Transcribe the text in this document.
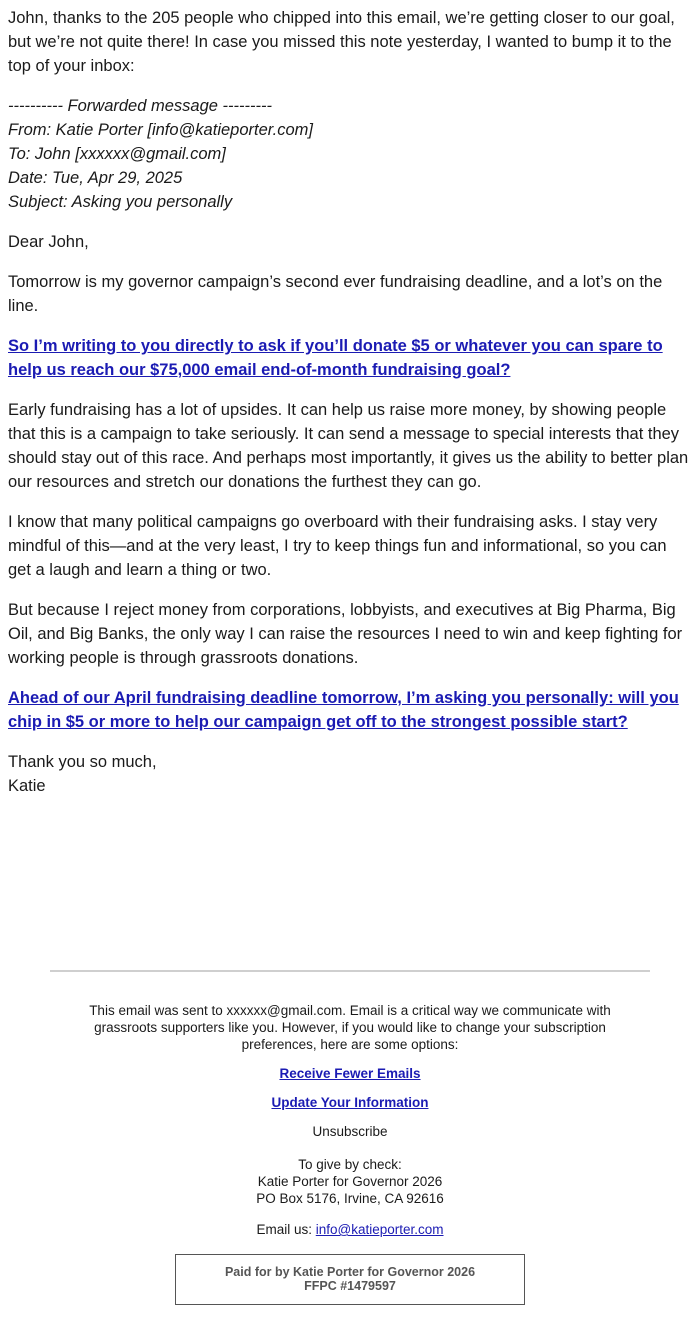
John, thanks to the 205 people who chipped into this email, we’re getting closer to our goal, but we’re not quite there! In case you missed this note yesterday, I wanted to bump it to the top of your inbox:

---------- Forwarded message ---------
From: Katie Porter [info@katieporter.com]
To: John [xxxxxx@gmail.com]
Date: Tue, Apr 29, 2025
Subject: Asking you personally

Dear John,

Tomorrow is my governor campaign’s second ever fundraising deadline, and a lot’s on the line.

So I’m writing to you directly to ask if you’ll donate $5 or whatever you can spare to help us reach our $75,000 email end-of-month fundraising goal?

Early fundraising has a lot of upsides. It can help us raise more money, by showing people that this is a campaign to take seriously. It can send a message to special interests that they should stay out of this race. And perhaps most importantly, it gives us the ability to better plan our resources and stretch our donations the furthest they can go.

I know that many political campaigns go overboard with their fundraising asks. I stay very mindful of this—and at the very least, I try to keep things fun and informational, so you can get a laugh and learn a thing or two.

But because I reject money from corporations, lobbyists, and executives at Big Pharma, Big Oil, and Big Banks, the only way I can raise the resources I need to win and keep fighting for working people is through grassroots donations.

Ahead of our April fundraising deadline tomorrow, I’m asking you personally: will you chip in $5 or more to help our campaign get off to the strongest possible start?
Thank you so much,
Katie
This email was sent to xxxxxx@gmail.com. Email is a critical way we communicate with grassroots supporters like you. However, if you would like to change your subscription preferences, here are some options:
Receive Fewer Emails
Update Your Information
Unsubscribe
To give by check:
Katie Porter for Governor 2026
PO Box 5176, Irvine, CA 92616
Email us: info@katieporter.com
Paid for by Katie Porter for Governor 2026
FFPC #1479597
